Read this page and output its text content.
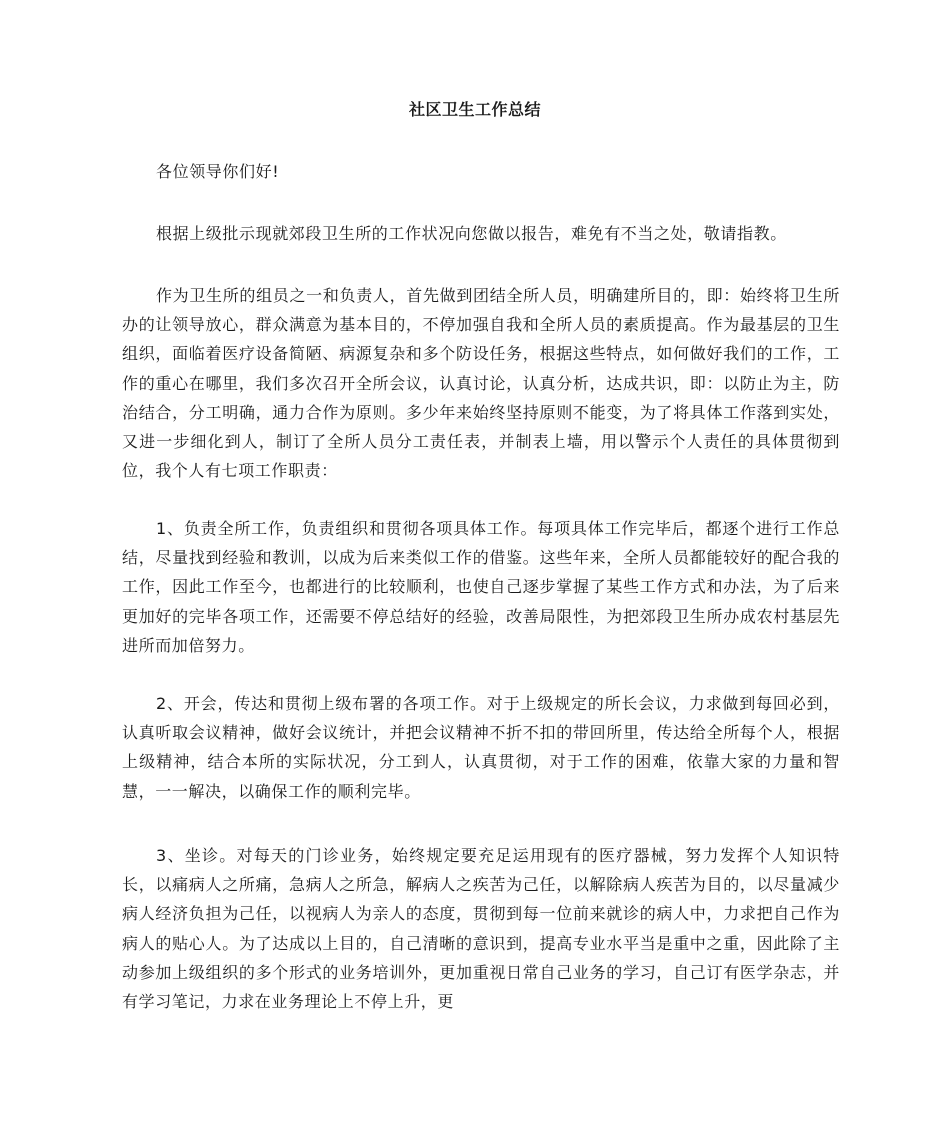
社区卫生工作总结

各位领导你们好!

根据上级批示现就郊段卫生所的工作状况向您做以报告，难免有不当之处，敬请指教。

作为卫生所的组员之一和负责人，首先做到团结全所人员，明确建所目的，即：始终将卫生所办的让领导放心，群众满意为基本目的，不停加强自我和全所人员的素质提高。作为最基层的卫生组织，面临着医疗设备简陋、病源复杂和多个防设任务，根据这些特点，如何做好我们的工作，工作的重心在哪里，我们多次召开全所会议，认真讨论，认真分析，达成共识，即：以防止为主，防治结合，分工明确，通力合作为原则。多少年来始终坚持原则不能变，为了将具体工作落到实处，又进一步细化到人，制订了全所人员分工责任表，并制表上墙，用以警示个人责任的具体贯彻到位，我个人有七项工作职责：

1、负责全所工作，负责组织和贯彻各项具体工作。每项具体工作完毕后，都逐个进行工作总结，尽量找到经验和教训，以成为后来类似工作的借鉴。这些年来，全所人员都能较好的配合我的工作，因此工作至今，也都进行的比较顺利，也使自己逐步掌握了某些工作方式和办法，为了后来更加好的完毕各项工作，还需要不停总结好的经验，改善局限性，为把郊段卫生所办成农村基层先进所而加倍努力。

2、开会，传达和贯彻上级布署的各项工作。对于上级规定的所长会议，力求做到每回必到，认真听取会议精神，做好会议统计，并把会议精神不折不扣的带回所里，传达给全所每个人，根据上级精神，结合本所的实际状况，分工到人，认真贯彻，对于工作的困难，依靠大家的力量和智慧，一一解决，以确保工作的顺利完毕。

3、坐诊。对每天的门诊业务，始终规定要充足运用现有的医疗器械，努力发挥个人知识特长，以痛病人之所痛，急病人之所急，解病人之疾苦为己任，以解除病人疾苦为目的，以尽量减少病人经济负担为己任，以视病人为亲人的态度，贯彻到每一位前来就诊的病人中，力求把自己作为病人的贴心人。为了达成以上目的，自己清晰的意识到，提高专业水平当是重中之重，因此除了主动参加上级组织的多个形式的业务培训外，更加重视日常自己业务的学习，自己订有医学杂志，并有学习笔记，力求在业务理论上不停上升，更
